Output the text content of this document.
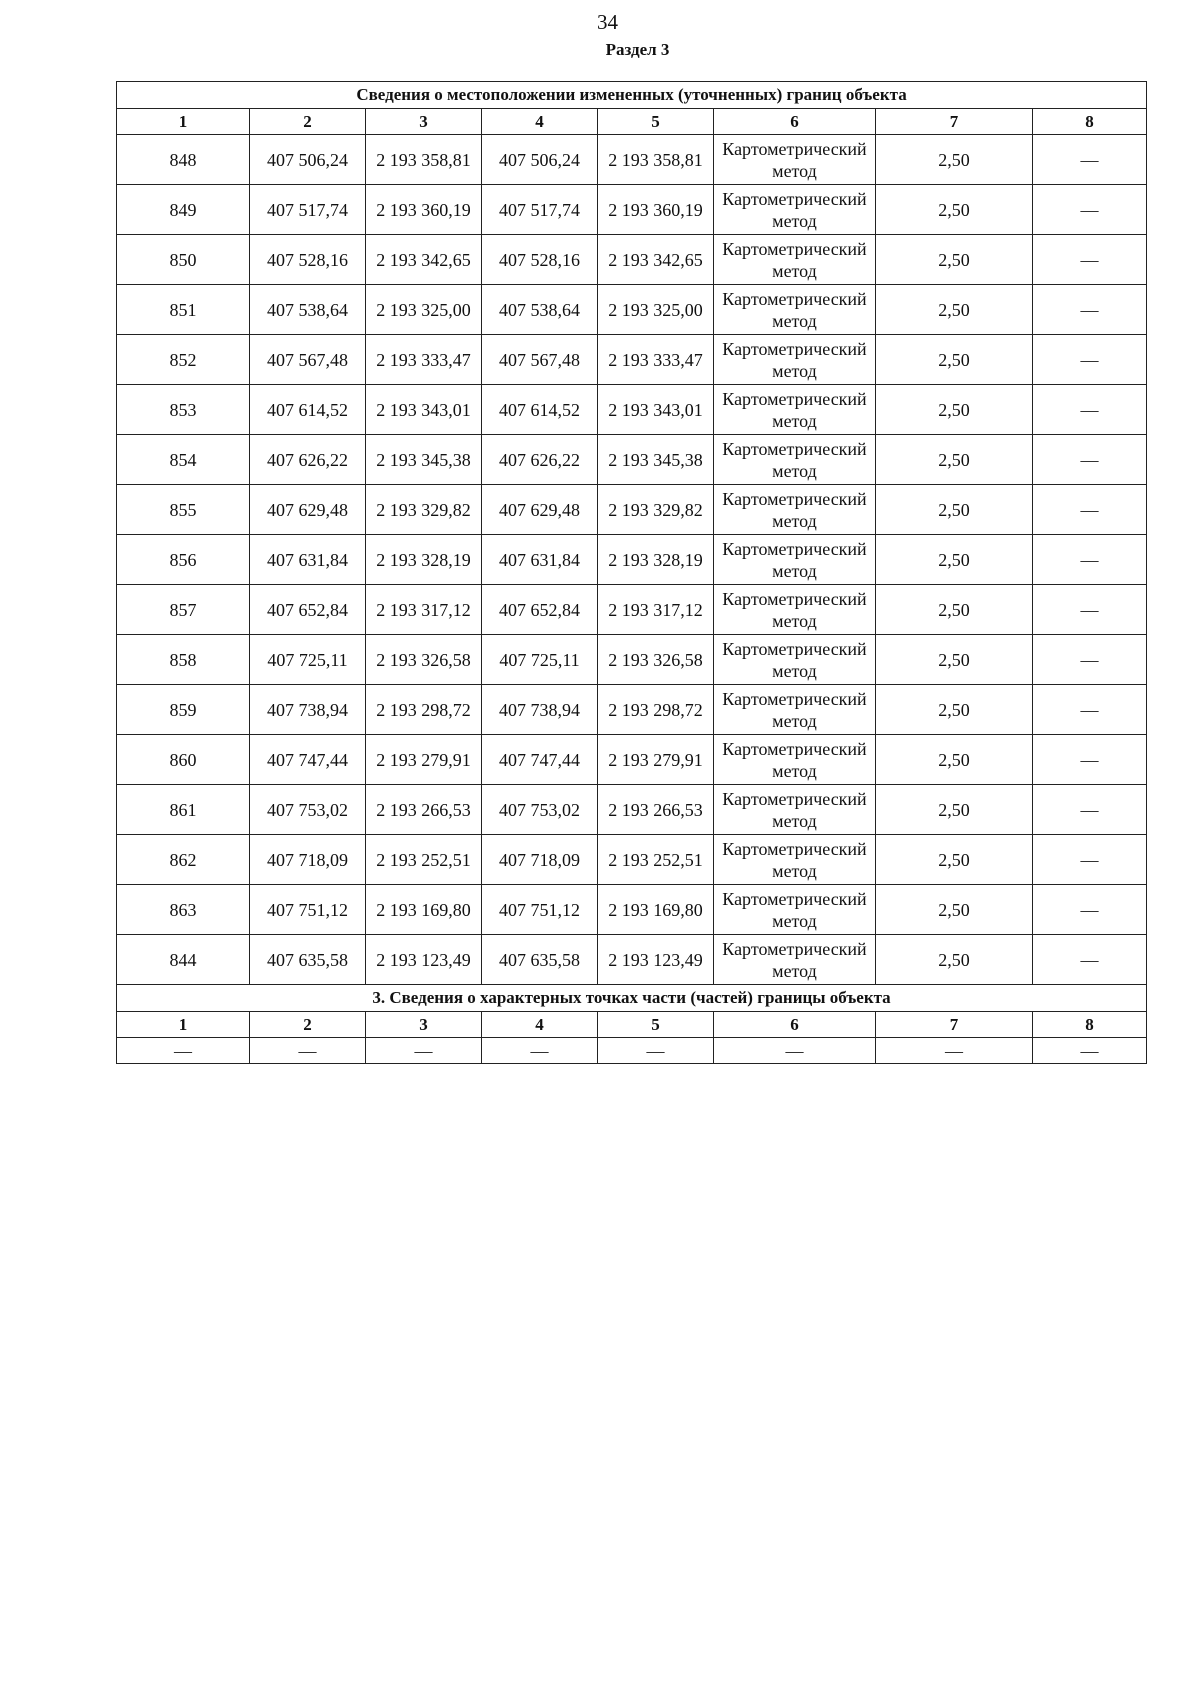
34
Раздел 3
Сведения о местоположении измененных (уточненных) границ объекта							
1	2	3	4	5	6	7	8
848	407 506,24	2 193 358,81	407 506,24	2 193 358,81	Картометрический метод	2,50	—
849	407 517,74	2 193 360,19	407 517,74	2 193 360,19	Картометрический метод	2,50	—
850	407 528,16	2 193 342,65	407 528,16	2 193 342,65	Картометрический метод	2,50	—
851	407 538,64	2 193 325,00	407 538,64	2 193 325,00	Картометрический метод	2,50	—
852	407 567,48	2 193 333,47	407 567,48	2 193 333,47	Картометрический метод	2,50	—
853	407 614,52	2 193 343,01	407 614,52	2 193 343,01	Картометрический метод	2,50	—
854	407 626,22	2 193 345,38	407 626,22	2 193 345,38	Картометрический метод	2,50	—
855	407 629,48	2 193 329,82	407 629,48	2 193 329,82	Картометрический метод	2,50	—
856	407 631,84	2 193 328,19	407 631,84	2 193 328,19	Картометрический метод	2,50	—
857	407 652,84	2 193 317,12	407 652,84	2 193 317,12	Картометрический метод	2,50	—
858	407 725,11	2 193 326,58	407 725,11	2 193 326,58	Картометрический метод	2,50	—
859	407 738,94	2 193 298,72	407 738,94	2 193 298,72	Картометрический метод	2,50	—
860	407 747,44	2 193 279,91	407 747,44	2 193 279,91	Картометрический метод	2,50	—
861	407 753,02	2 193 266,53	407 753,02	2 193 266,53	Картометрический метод	2,50	—
862	407 718,09	2 193 252,51	407 718,09	2 193 252,51	Картометрический метод	2,50	—
863	407 751,12	2 193 169,80	407 751,12	2 193 169,80	Картометрический метод	2,50	—
844	407 635,58	2 193 123,49	407 635,58	2 193 123,49	Картометрический метод	2,50	—
3. Сведения о характерных точках части (частей) границы объекта							
1	2	3	4	5	6	7	8
—	—	—	—	—	—	—	—
